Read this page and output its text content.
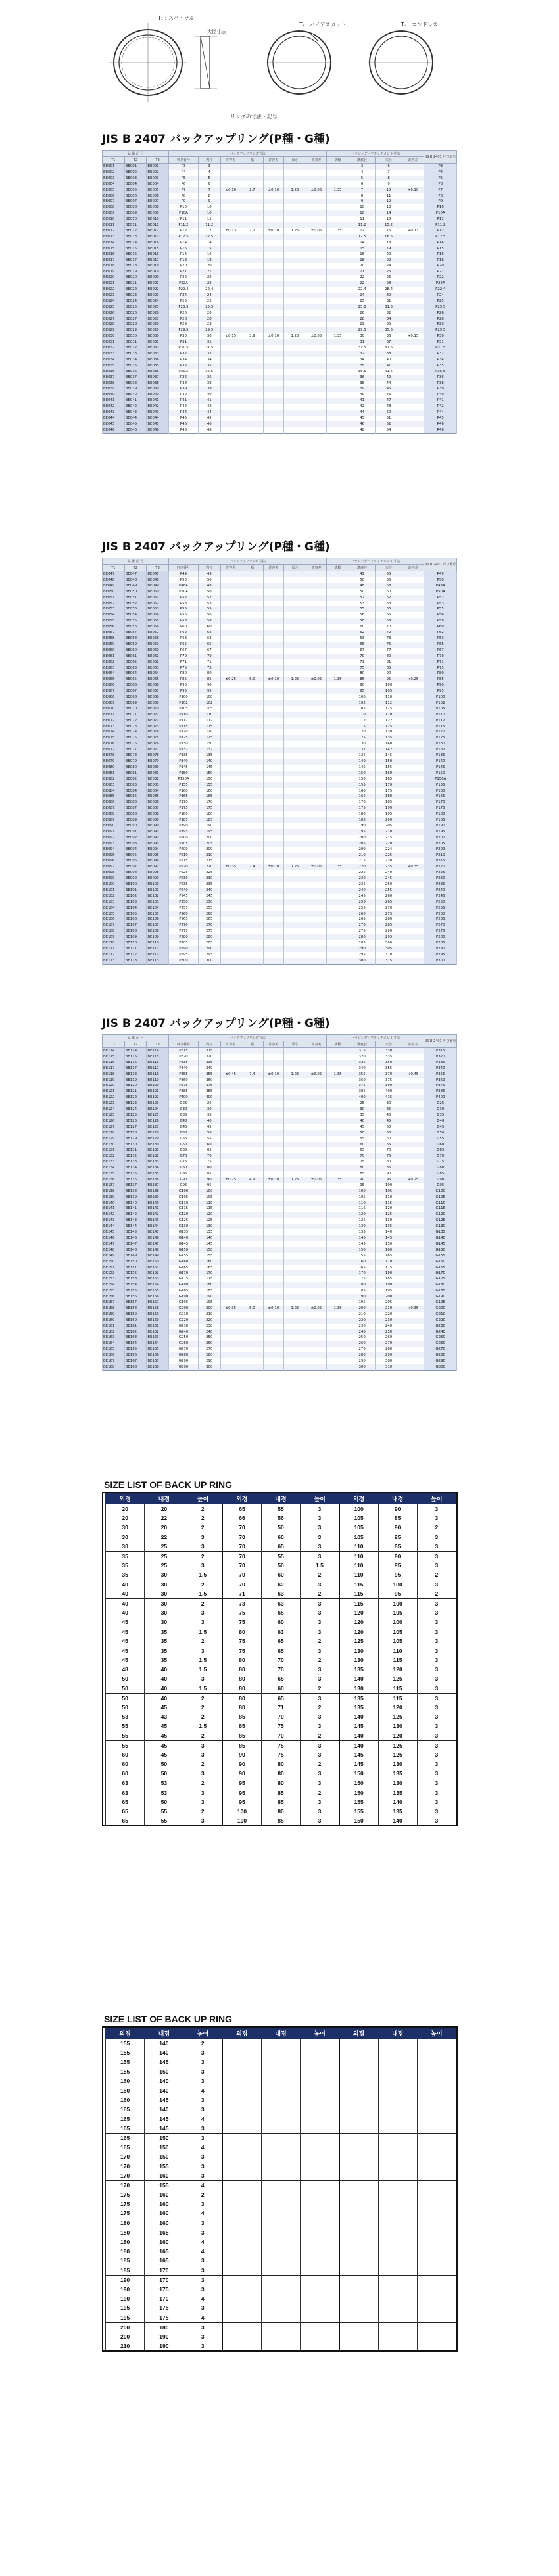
T₁ : スパイラル
大径寸法
T₂ : バイアスカット	T₃ : エンドレス
リングの寸法・記号
JIS B 2407 バックアップリング(P種・G種)
品 番 記 号			バックアップリング寸法							ハウジング・アタッチメント寸法				JIS B 2401 呼び番号
T1	T2	T3	呼び番号	内径	許容差	幅	許容差	厚さ	許容差	溝幅	溝底径	穴径	許容差	
BE001	BE001	BE001	P3	3							3	6		P3
BE002	BE002	BE002	P4	4							4	7		P4
BE003	BE003	BE003	P5	5							5	8		P5
BE004	BE004	BE004	P6	6							6	9		P6
BE005	BE005	BE005	P7	7	±0.10	2.7	±0.10	1.25	±0.05	1.35	7	10	+0.10	P7
BE006	BE006	BE006	P8	8							8	11		P8
BE007	BE007	BE007	P9	9							9	12		P9
BE008	BE008	BE008	P10	10							10	13		P10
BE009	BE009	BE009	P10A	10							10	14		P10A
BE010	BE010	BE010	P11	11							11	15		P11
BE011	BE011	BE011	P11.2	11.2							11.2	15.2		P11.2
BE012	BE012	BE012	P12	12	±0.13	2.7	±0.10	1.25	±0.05	1.35	12	16	+0.13	P12
BE013	BE013	BE013	P12.5	12.5							12.5	16.5		P12.5
BE014	BE014	BE014	P14	14							14	18		P14
BE015	BE015	BE015	P15	15							15	19		P15
BE016	BE016	BE016	P16	16							16	20		P16
BE017	BE017	BE017	P18	18							18	22		P18
BE018	BE018	BE018	P20	20							20	24		P20
BE019	BE019	BE019	P21	21							21	25		P21
BE020	BE020	BE020	P22	22							22	26		P22
BE021	BE021	BE021	P22A	22							22	28		P22A
BE022	BE022	BE022	P22.4	22.4							22.4	28.4		P22.4
BE023	BE023	BE023	P24	24							24	30		P24
BE024	BE024	BE024	P25	25							25	31		P25
BE025	BE025	BE025	P25.5	25.5							25.5	31.5		P25.5
BE026	BE026	BE026	P26	26							26	32		P26
BE027	BE027	BE027	P28	28							28	34		P28
BE028	BE028	BE028	P29	29							29	35		P29
BE029	BE029	BE029	P29.5	29.5							29.5	35.5		P29.5
BE030	BE030	BE030	P30	30	±0.15	3.9	±0.10	1.25	±0.05	1.35	30	36	+0.15	P30
BE031	BE031	BE031	P31	31							31	37		P31
BE032	BE032	BE032	P31.5	31.5							31.5	37.5		P31.5
BE033	BE033	BE033	P32	32							32	38		P32
BE034	BE034	BE034	P34	34							34	40		P34
BE035	BE035	BE035	P35	35							35	41		P35
BE036	BE036	BE036	P35.5	35.5							35.5	41.5		P35.5
BE037	BE037	BE037	P36	36							36	42		P36
BE038	BE038	BE038	P38	38							38	44		P38
BE039	BE039	BE039	P39	39							39	45		P39
BE040	BE040	BE040	P40	40							40	46		P40
BE041	BE041	BE041	P41	41							41	47		P41
BE042	BE042	BE042	P42	42							42	48		P42
BE043	BE043	BE043	P44	44							44	50		P44
BE044	BE044	BE044	P45	45							45	51		P45
BE045	BE045	BE045	P46	46							46	52		P46
BE046	BE046	BE046	P48	48							48	54		P48
JIS B 2407 バックアップリング(P種・G種)
品 番 記 号			バックアップリング寸法							ハウジング・アタッチメント寸法				JIS B 2401 呼び番号
T1	T2	T3	呼び番号	内径	許容差	幅	許容差	厚さ	許容差	溝幅	溝底径	穴径	許容差	
BE047	BE047	BE047	P49	49							49	55		P49
BE048	BE048	BE048	P50	50							50	56		P50
BE049	BE049	BE049	P48A	48							48	58		P48A
BE050	BE050	BE050	P50A	50							50	60		P50A
BE051	BE051	BE051	P52	52							52	62		P52
BE052	BE052	BE052	P53	53							53	63		P53
BE053	BE053	BE053	P55	55							55	65		P55
BE054	BE054	BE054	P56	56							56	66		P56
BE055	BE055	BE055	P58	58							58	68		P58
BE056	BE056	BE056	P60	60							60	70		P60
BE057	BE057	BE057	P62	62							62	72		P62
BE058	BE058	BE058	P63	63							63	73		P63
BE059	BE059	BE059	P65	65							65	75		P65
BE060	BE060	BE060	P67	67							67	77		P67
BE061	BE061	BE061	P70	70							70	80		P70
BE062	BE062	BE062	P71	71							71	81		P71
BE063	BE063	BE063	P75	75							75	85		P75
BE064	BE064	BE064	P80	80							80	90		P80
BE065	BE065	BE065	P85	85	±0.25	6.0	±0.10	1.25	±0.05	1.35	85	95	+0.25	P85
BE066	BE066	BE066	P90	90							90	100		P90
BE067	BE067	BE067	P95	95							95	105		P95
BE068	BE068	BE068	P100	100							100	110		P100
BE069	BE069	BE069	P102	102							102	112		P102
BE070	BE070	BE070	P105	105							105	115		P105
BE071	BE071	BE071	P110	110							110	120		P110
BE072	BE072	BE072	P112	112							112	122		P112
BE073	BE073	BE073	P115	115							115	125		P115
BE074	BE074	BE074	P120	120							120	130		P120
BE075	BE075	BE075	P125	125							125	135		P125
BE076	BE076	BE076	P130	130							130	140		P130
BE077	BE077	BE077	P132	132							132	142		P132
BE078	BE078	BE078	P135	135							135	145		P135
BE079	BE079	BE079	P140	140							140	150		P140
BE080	BE080	BE080	P145	145							145	155		P145
BE081	BE081	BE081	P150	150							150	160		P150
BE082	BE082	BE082	P150A	150							150	165		P150A
BE083	BE083	BE083	P155	155							155	170		P155
BE084	BE084	BE084	P160	160							160	175		P160
BE085	BE085	BE085	P165	165							165	180		P165
BE086	BE086	BE086	P170	170							170	185		P170
BE087	BE087	BE087	P175	175							175	190		P175
BE088	BE088	BE088	P180	180							180	195		P180
BE089	BE089	BE089	P185	185							185	200		P185
BE090	BE090	BE090	P190	190							190	205		P190
BE091	BE091	BE091	P195	195							195	210		P195
BE092	BE092	BE092	P200	200							200	215		P200
BE093	BE093	BE093	P205	205							205	220		P205
BE094	BE094	BE094	P209	209							209	224		P209
BE095	BE095	BE095	P210	210							210	225		P210
BE096	BE096	BE096	P215	215							215	230		P215
BE097	BE097	BE097	P220	220	±0.35	7.4	±0.10	1.25	±0.05	1.35	220	235	+0.35	P220
BE098	BE098	BE098	P225	225							225	240		P225
BE099	BE099	BE099	P230	230							230	245		P230
BE100	BE100	BE100	P235	235							235	250		P235
BE101	BE101	BE101	P240	240							240	255		P240
BE102	BE102	BE102	P245	245							245	260		P245
BE103	BE103	BE103	P250	250							250	265		P250
BE104	BE104	BE104	P255	255							255	270		P255
BE105	BE105	BE105	P260	260							260	275		P260
BE106	BE106	BE106	P265	265							265	280		P265
BE107	BE107	BE107	P270	270							270	285		P270
BE108	BE108	BE108	P275	275							275	290		P275
BE109	BE109	BE109	P280	280							280	295		P280
BE110	BE110	BE110	P285	285							285	300		P285
BE111	BE111	BE111	P290	290							290	305		P290
BE112	BE112	BE112	P295	295							295	310		P295
BE113	BE113	BE113	P300	300							300	315		P300
JIS B 2407 バックアップリング(P種・G種)
品 番 記 号			バックアップリング寸法							ハウジング・アタッチメント寸法				JIS B 2401 呼び番号
T1	T2	T3	呼び番号	内径	許容差	幅	許容差	厚さ	許容差	溝幅	溝底径	穴径	許容差	
BE114	BE114	BE114	P315	315							315	330		P315
BE115	BE115	BE115	P320	320							320	335		P320
BE116	BE116	BE116	P335	335							335	350		P335
BE117	BE117	BE117	P340	340							340	355		P340
BE118	BE118	BE118	P355	355	±0.45	7.4	±0.10	1.25	±0.05	1.35	355	370	+0.45	P355
BE119	BE119	BE119	P360	360							360	375		P360
BE120	BE120	BE120	P375	375							375	390		P375
BE121	BE121	BE121	P385	385							385	400		P385
BE122	BE122	BE122	P400	400							400	415		P400
BE123	BE123	BE123	G25	25							25	30		G25
BE124	BE124	BE124	G30	30							30	35		G30
BE125	BE125	BE125	G35	35							35	40		G35
BE126	BE126	BE126	G40	40							40	45		G40
BE127	BE127	BE127	G45	45							45	50		G45
BE128	BE128	BE128	G50	50							50	55		G50
BE129	BE129	BE129	G55	55							55	60		G55
BE130	BE130	BE130	G60	60							60	65		G60
BE131	BE131	BE131	G65	65							65	70		G65
BE132	BE132	BE132	G70	70							70	75		G70
BE133	BE133	BE133	G75	75							75	80		G75
BE134	BE134	BE134	G80	80							80	85		G80
BE135	BE135	BE135	G85	85							85	90		G85
BE136	BE136	BE136	G90	90	±0.25	4.9	±0.10	1.25	±0.05	1.35	90	95	+0.25	G90
BE137	BE137	BE137	G95	95							95	100		G95
BE138	BE138	BE138	G100	100							100	105		G100
BE139	BE139	BE139	G105	105							105	110		G105
BE140	BE140	BE140	G110	110							110	115		G110
BE141	BE141	BE141	G115	115							115	120		G115
BE142	BE142	BE142	G120	120							120	125		G120
BE143	BE143	BE143	G125	125							125	130		G125
BE144	BE144	BE144	G130	130							130	135		G130
BE145	BE145	BE145	G135	135							135	140		G135
BE146	BE146	BE146	G140	140							140	145		G140
BE147	BE147	BE147	G145	145							145	150		G145
BE148	BE148	BE148	G150	150							150	160		G150
BE149	BE149	BE149	G155	155							155	165		G155
BE150	BE150	BE150	G160	160							160	170		G160
BE151	BE151	BE151	G165	165							165	175		G165
BE152	BE152	BE152	G170	170							170	180		G170
BE153	BE153	BE153	G175	175							175	185		G175
BE154	BE154	BE154	G180	180							180	190		G180
BE155	BE155	BE155	G185	185							185	195		G185
BE156	BE156	BE156	G190	190							190	200		G190
BE157	BE157	BE157	G195	195							195	205		G195
BE158	BE158	BE158	G200	200	±0.35	6.0	±0.10	1.25	±0.05	1.35	200	210	+0.35	G200
BE159	BE159	BE159	G210	210							210	220		G210
BE160	BE160	BE160	G220	220							220	230		G220
BE161	BE161	BE161	G230	230							230	240		G230
BE162	BE162	BE162	G240	240							240	250		G240
BE163	BE163	BE163	G250	250							250	260		G250
BE164	BE164	BE164	G260	260							260	270		G260
BE165	BE165	BE165	G270	270							270	280		G270
BE166	BE166	BE166	G280	280							280	290		G280
BE167	BE167	BE167	G290	290							290	300		G290
BE168	BE168	BE168	G300	300							300	310		G300
SIZE LIST OF BACK UP RING
외경	내경	높이	외경	내경	높이	외경	내경	높이
20	20	2	65	55	3	100	90	3
20	22	2	66	56	3	105	85	3
30	20	2	70	50	3	105	90	2
30	22	3	70	60	3	105	95	3
30	25	3	70	65	3	110	85	3
35	25	2	70	55	3	110	90	3
35	25	3	70	50	1.5	110	95	3
35	30	1.5	70	60	2	110	95	2
40	30	2	70	62	3	115	100	3
40	30	1.5	71	63	2	115	95	2
40	30	2	73	63	3	115	100	3
40	30	3	75	65	3	120	105	3
45	30	3	75	60	3	120	100	3
45	35	1.5	80	63	3	120	105	3
45	35	2	75	65	2	125	105	3
45	35	3	75	65	3	130	110	3
45	35	1.5	80	70	2	130	115	3
48	40	1.5	80	70	3	135	120	3
50	40	3	80	65	3	140	125	3
50	40	1.5	80	60	2	130	115	3
50	40	2	80	65	3	135	115	3
50	45	2	80	71	2	135	120	3
53	43	2	85	70	3	140	125	3
55	45	1.5	85	75	3	145	130	3
55	45	2	85	70	2	140	120	3
55	45	3	85	75	3	140	125	3
60	45	3	90	75	3	145	125	3
60	50	2	90	80	2	145	130	3
60	50	3	90	80	3	150	135	3
63	53	2	95	80	3	150	130	3
63	53	3	95	85	2	150	135	3
65	50	3	95	85	3	155	140	3
65	55	2	100	80	3	155	135	3
65	55	3	100	85	3	150	140	3
SIZE LIST OF BACK UP RING
외경	내경	높이	외경	내경	높이	외경	내경	높이
155	140	2						
155	140	3						
155	145	3						
155	150	3						
160	140	3						
160	140	4						
160	145	3						
165	140	3						
165	145	4						
165	145	3						
165	150	3						
165	150	4						
170	150	3						
170	155	3						
170	160	3						
170	155	4						
175	160	2						
175	160	3						
175	160	4						
180	160	3						
180	165	3						
180	160	4						
180	165	4						
185	165	3						
185	170	3						
190	170	3						
190	175	3						
190	170	4						
195	175	3						
195	175	4						
200	180	3						
200	190	3						
210	190	3						
